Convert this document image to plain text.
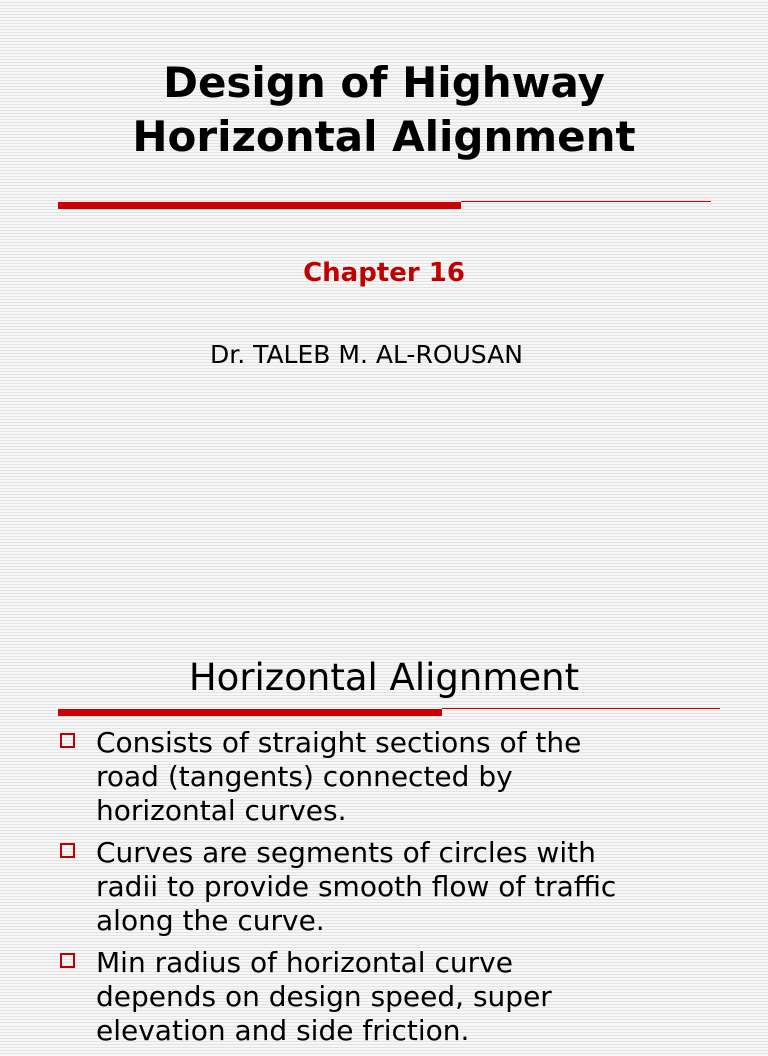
Design of Highway
Horizontal Alignment
Chapter 16
Dr. TALEB M. AL-ROUSAN
Horizontal Alignment
Consists of straight sections of the
road (tangents) connected by
horizontal curves.
Curves are segments of circles with
radii to provide smooth flow of traffic
along the curve.
Min radius of horizontal curve
depends on design speed, super
elevation and side friction.
